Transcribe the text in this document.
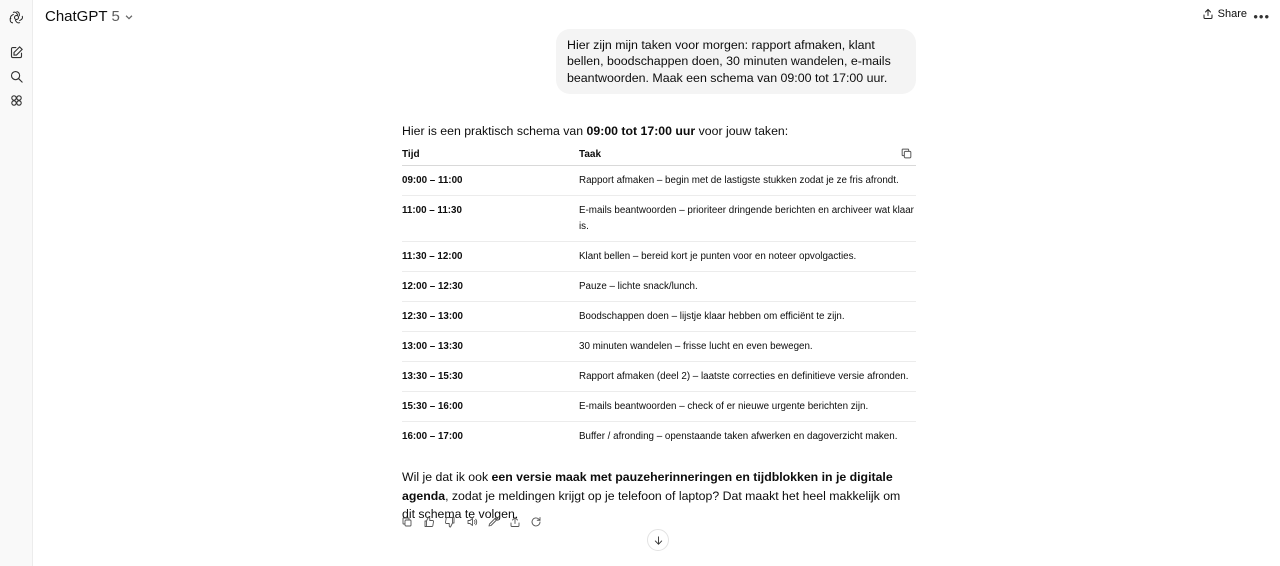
ChatGPT 5	Share •••
Hier zijn mijn taken voor morgen: rapport afmaken, klant bellen, boodschappen doen, 30 minuten wandelen, e-mails beantwoorden. Maak een schema van 09:00 tot 17:00 uur.
Hier is een praktisch schema van 09:00 tot 17:00 uur voor jouw taken:
Tijd	Taak
09:00 – 11:00	Rapport afmaken – begin met de lastigste stukken zodat je ze fris afrondt.
11:00 – 11:30	E-mails beantwoorden – prioriteer dringende berichten en archiveer wat klaar is.
11:30 – 12:00	Klant bellen – bereid kort je punten voor en noteer opvolgacties.
12:00 – 12:30	Pauze – lichte snack/lunch.
12:30 – 13:00	Boodschappen doen – lijstje klaar hebben om efficiënt te zijn.
13:00 – 13:30	30 minuten wandelen – frisse lucht en even bewegen.
13:30 – 15:30	Rapport afmaken (deel 2) – laatste correcties en definitieve versie afronden.
15:30 – 16:00	E-mails beantwoorden – check of er nieuwe urgente berichten zijn.
16:00 – 17:00	Buffer / afronding – openstaande taken afwerken en dagoverzicht maken.
Wil je dat ik ook een versie maak met pauzeherinneringen en tijdblokken in je digitale agenda, zodat je meldingen krijgt op je telefoon of laptop? Dat maakt het heel makkelijk om dit schema te volgen.
